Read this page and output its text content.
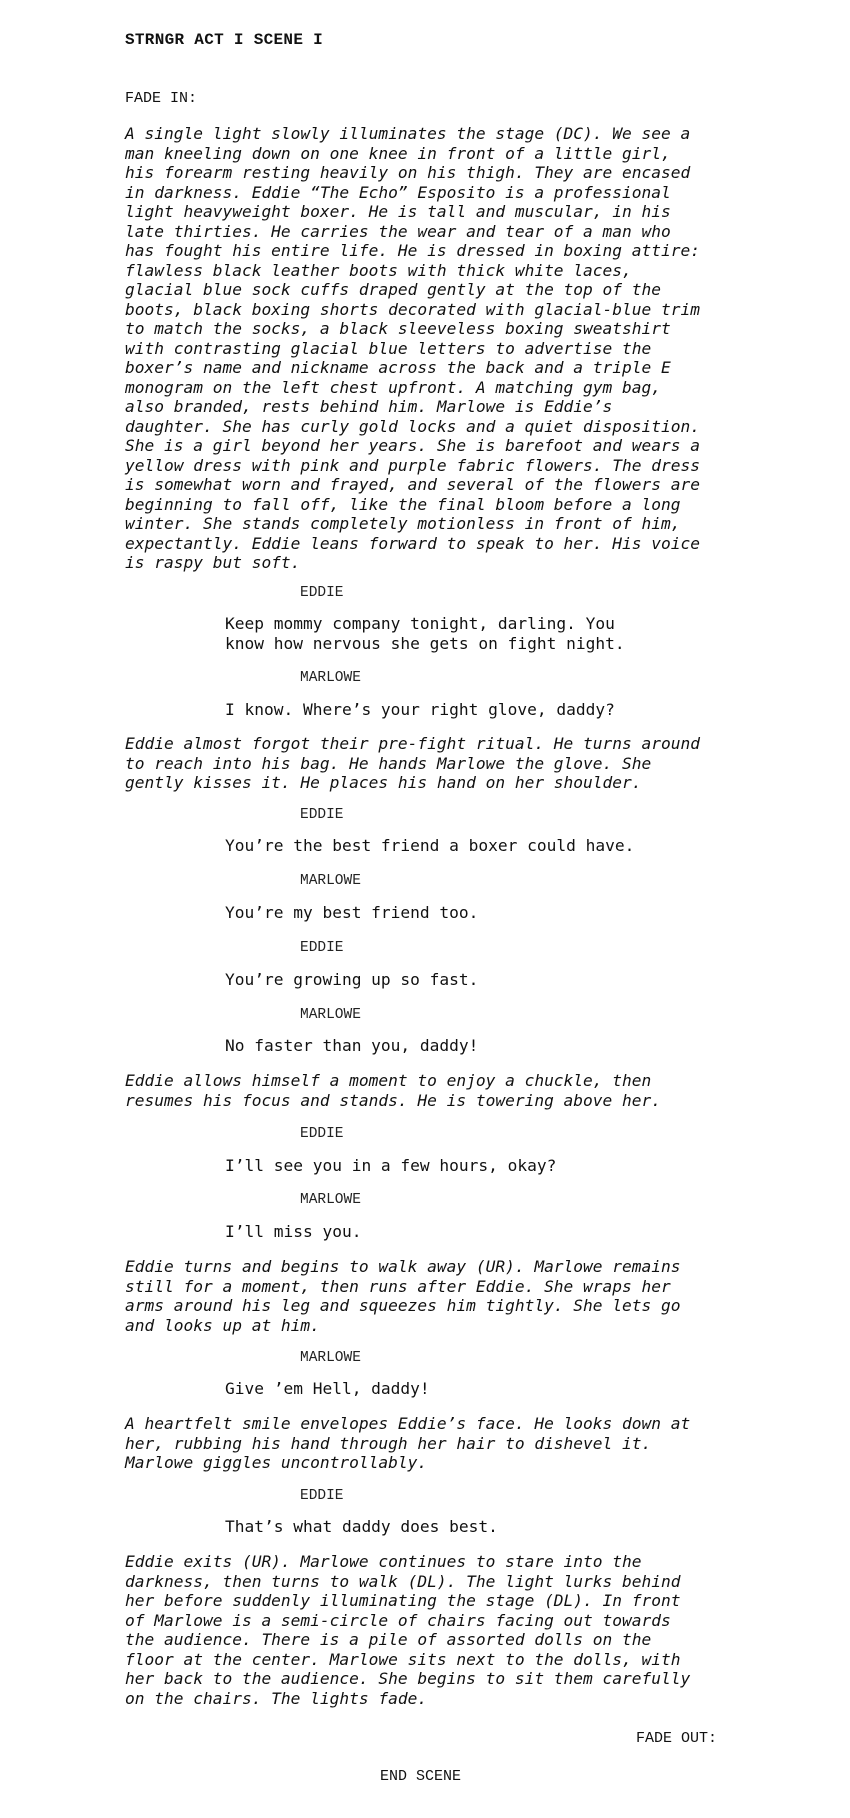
STRNGR ACT I SCENE I
FADE IN:
A single light slowly illuminates the stage (DC). We see a
man kneeling down on one knee in front of a little girl,
his forearm resting heavily on his thigh. They are encased
in darkness. Eddie “The Echo” Esposito is a professional
light heavyweight boxer. He is tall and muscular, in his
late thirties. He carries the wear and tear of a man who
has fought his entire life. He is dressed in boxing attire:
flawless black leather boots with thick white laces,
glacial blue sock cuffs draped gently at the top of the
boots, black boxing shorts decorated with glacial-blue trim
to match the socks, a black sleeveless boxing sweatshirt
with contrasting glacial blue letters to advertise the
boxer’s name and nickname across the back and a triple E
monogram on the left chest upfront. A matching gym bag,
also branded, rests behind him. Marlowe is Eddie’s
daughter. She has curly gold locks and a quiet disposition.
She is a girl beyond her years. She is barefoot and wears a
yellow dress with pink and purple fabric flowers. The dress
is somewhat worn and frayed, and several of the flowers are
beginning to fall off, like the final bloom before a long
winter. She stands completely motionless in front of him,
expectantly. Eddie leans forward to speak to her. His voice
is raspy but soft.
EDDIE
Keep mommy company tonight, darling. You
know how nervous she gets on fight night.
MARLOWE
I know. Where’s your right glove, daddy?
Eddie almost forgot their pre-fight ritual. He turns around
to reach into his bag. He hands Marlowe the glove. She
gently kisses it. He places his hand on her shoulder.
EDDIE
You’re the best friend a boxer could have.
MARLOWE
You’re my best friend too.
EDDIE
You’re growing up so fast.
MARLOWE
No faster than you, daddy!
Eddie allows himself a moment to enjoy a chuckle, then
resumes his focus and stands. He is towering above her.
EDDIE
I’ll see you in a few hours, okay?
MARLOWE
I’ll miss you.
Eddie turns and begins to walk away (UR). Marlowe remains
still for a moment, then runs after Eddie. She wraps her
arms around his leg and squeezes him tightly. She lets go
and looks up at him.
MARLOWE
Give ’em Hell, daddy!
A heartfelt smile envelopes Eddie’s face. He looks down at
her, rubbing his hand through her hair to dishevel it.
Marlowe giggles uncontrollably.
EDDIE
That’s what daddy does best.
Eddie exits (UR). Marlowe continues to stare into the
darkness, then turns to walk (DL). The light lurks behind
her before suddenly illuminating the stage (DL). In front
of Marlowe is a semi-circle of chairs facing out towards
the audience. There is a pile of assorted dolls on the
floor at the center. Marlowe sits next to the dolls, with
her back to the audience. She begins to sit them carefully
on the chairs. The lights fade.
FADE OUT:
END SCENE
